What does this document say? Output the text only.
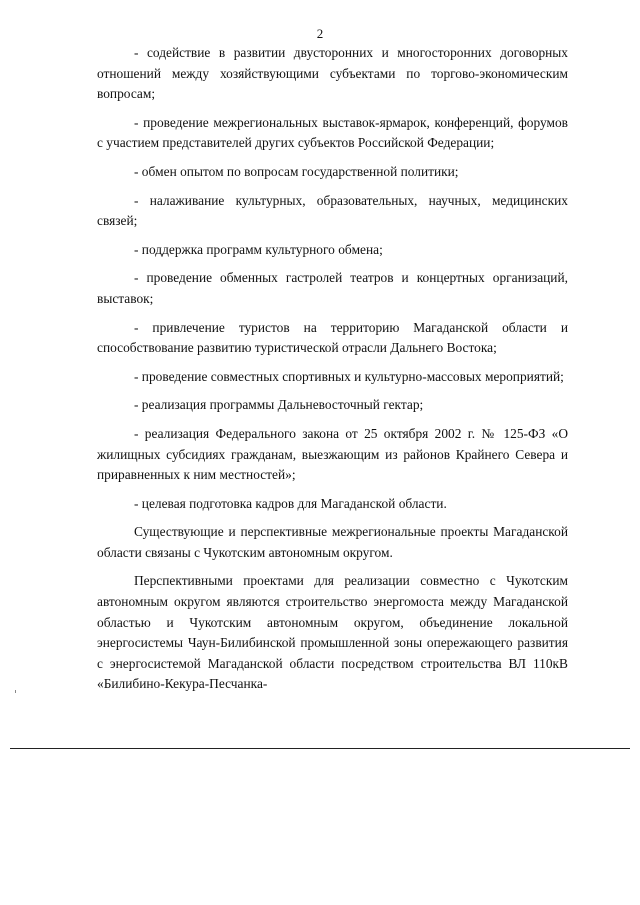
2

- содействие в развитии двусторонних и многосторонних договорных отношений между хозяйствующими субъектами по торгово-экономическим вопросам;

- проведение межрегиональных выставок-ярмарок, конференций, форумов с участием представителей других субъектов Российской Федерации;

- обмен опытом по вопросам государственной политики;

- налаживание культурных, образовательных, научных, медицинских связей;

- поддержка программ культурного обмена;

- проведение обменных гастролей театров и концертных организаций, выставок;

- привлечение туристов на территорию Магаданской области и способствование развитию туристической отрасли Дальнего Востока;

- проведение совместных спортивных и культурно-массовых мероприятий;

- реализация программы Дальневосточный гектар;

- реализация Федерального закона от 25 октября 2002 г. № 125-ФЗ «О жилищных субсидиях гражданам, выезжающим из районов Крайнего Севера и приравненных к ним местностей»;

- целевая подготовка кадров для Магаданской области.

Существующие и перспективные межрегиональные проекты Магаданской области связаны с Чукотским автономным округом.

Перспективными проектами для реализации совместно с Чукотским автономным округом являются строительство энергомоста между Магаданской областью и Чукотским автономным округом, объединение локальной энергосистемы Чаун-Билибинской промышленной зоны опережающего развития с энергосистемой Магаданской области посредством строительства ВЛ 110кВ «Билибино-Кекура-Песчанка-
